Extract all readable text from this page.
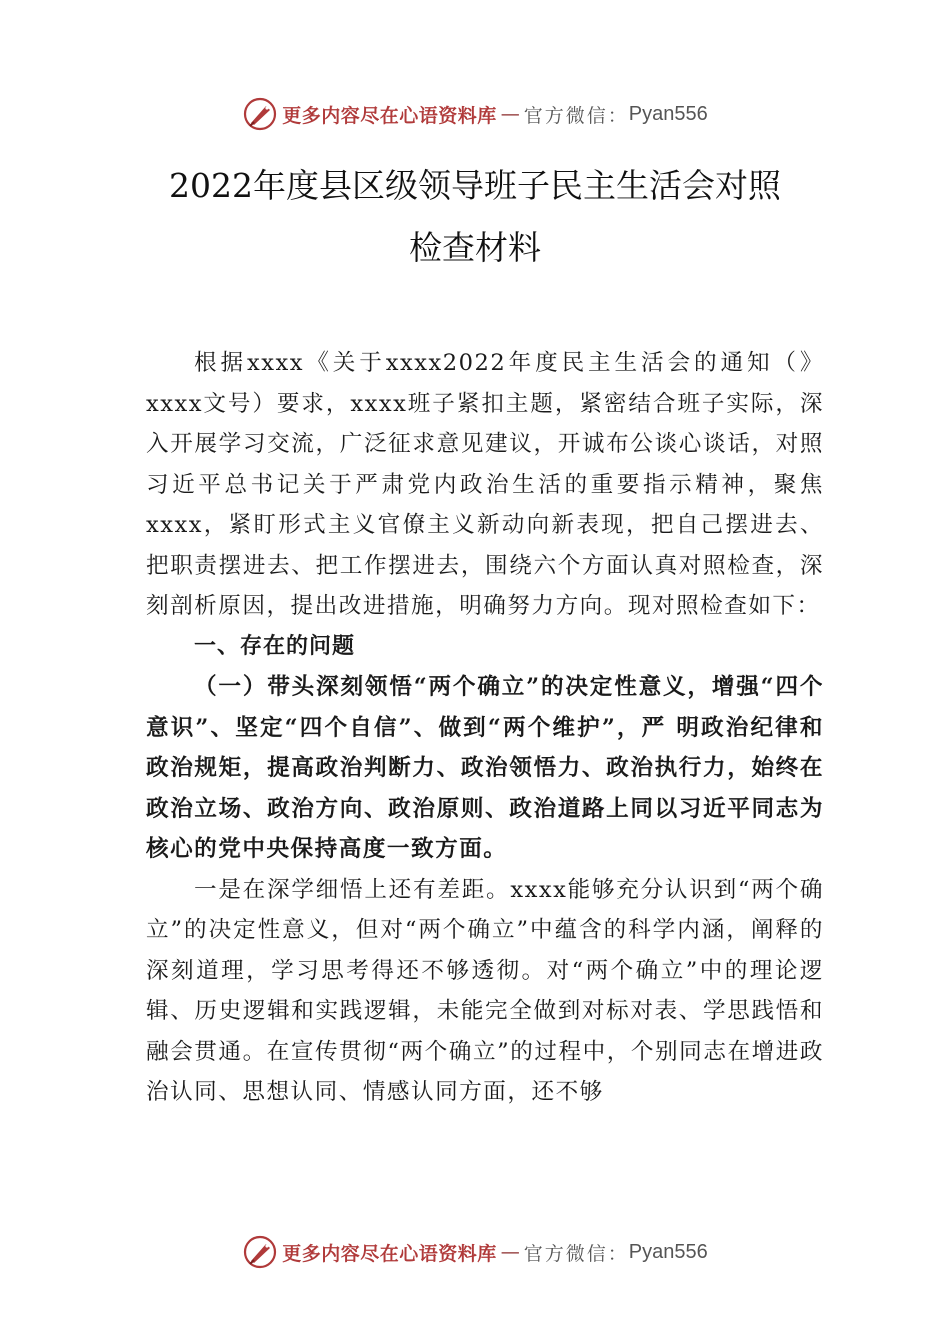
更多内容尽在心语资料库 — 官方微信： Pyan556
2022年度县区级领导班子民主生活会对照
检查材料

根据xxxx《关于xxxx2022年度民主生活会的通知（》xxxx文号）要求，xxxx班子紧扣主题，紧密结合班子实际，深入开展学习交流，广泛征求意见建议，开诚布公谈心谈话，对照习近平总书记关于严肃党内政治生活的重要指示精神，聚焦xxxx，紧盯形式主义官僚主义新动向新表现，把自己摆进去、把职责摆进去、把工作摆进去，围绕六个方面认真对照检查，深刻剖析原因，提出改进措施，明确努力方向。现对照检查如下：

一、存在的问题

（一）带头深刻领悟“两个确立”的决定性意义，增强“四个意识”、坚定“四个自信”、做到“两个维护”，严 明政治纪律和政治规矩，提高政治判断力、政治领悟力、政治执行力，始终在政治立场、政治方向、政治原则、政治道路上同以习近平同志为核心的党中央保持高度一致方面。

一是在深学细悟上还有差距。xxxx能够充分认识到“两个确立”的决定性意义，但对“两个确立”中蕴含的科学内涵，阐释的深刻道理，学习思考得还不够透彻。对“两个确立”中的理论逻辑、历史逻辑和实践逻辑，未能完全做到对标对表、学思践悟和融会贯通。在宣传贯彻“两个确立”的过程中，个别同志在增进政治认同、思想认同、情感认同方面，还不够

更多内容尽在心语资料库 — 官方微信： Pyan556
